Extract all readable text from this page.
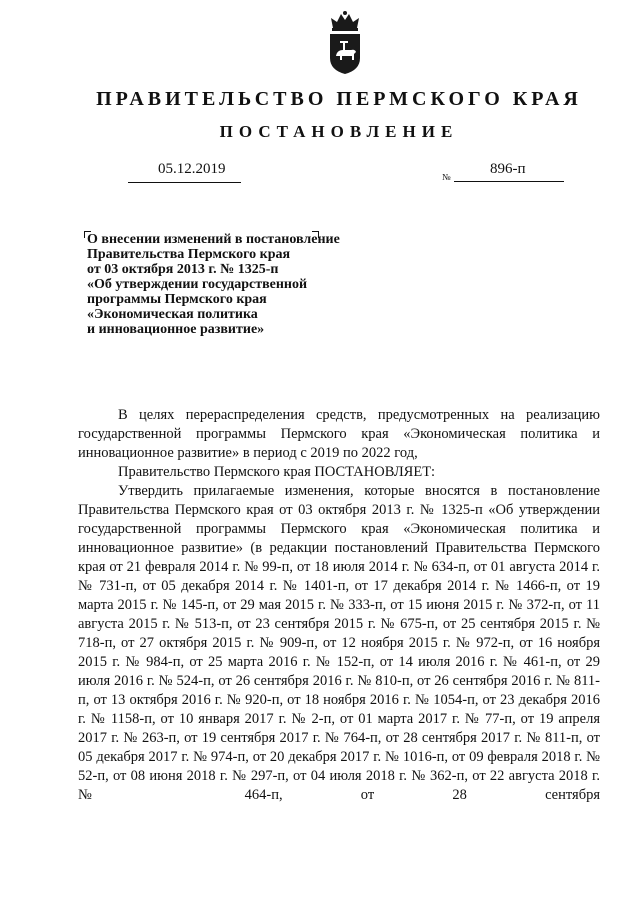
ПРАВИТЕЛЬСТВО ПЕРМСКОГО КРАЯ
ПОСТАНОВЛЕНИЕ
05.12.2019	№	896-п
О внесении изменений в постановление
Правительства Пермского края
от 03 октября 2013 г. № 1325-п
«Об утверждении государственной
программы Пермского края
«Экономическая политика
и инновационное развитие»

В целях перераспределения средств, предусмотренных на реализацию государственной программы Пермского края «Экономическая политика и инновационное развитие» в период с 2019 по 2022 год,

Правительство Пермского края ПОСТАНОВЛЯЕТ:

Утвердить прилагаемые изменения, которые вносятся в постановление Правительства Пермского края от 03 октября 2013 г. № 1325-п «Об утверждении государственной программы Пермского края «Экономическая политика и инновационное развитие» (в редакции постановлений Правительства Пермского края от 21 февраля 2014 г. № 99-п, от 18 июля 2014 г. № 634-п, от 01 августа 2014 г. № 731-п, от 05 декабря 2014 г. № 1401-п, от 17 декабря 2014 г. № 1466-п, от 19 марта 2015 г. № 145-п, от 29 мая 2015 г. № 333-п, от 15 июня 2015 г. № 372-п, от 11 августа 2015 г. № 513-п, от 23 сентября 2015 г. № 675-п, от 25 сентября 2015 г. № 718-п, от 27 октября 2015 г. № 909-п, от 12 ноября 2015 г. № 972-п, от 16 ноября 2015 г. № 984-п, от 25 марта 2016 г. № 152-п, от 14 июля 2016 г. № 461-п, от 29 июля 2016 г. № 524-п, от 26 сентября 2016 г. № 810-п, от 26 сентября 2016 г. № 811-п, от 13 октября 2016 г. № 920-п, от 18 ноября 2016 г. № 1054-п, от 23 декабря 2016 г. № 1158-п, от 10 января 2017 г. № 2-п, от 01 марта 2017 г. № 77-п, от 19 апреля 2017 г. № 263-п, от 19 сентября 2017 г. № 764-п, от 28 сентября 2017 г. № 811-п, от 05 декабря 2017 г. № 974-п, от 20 декабря 2017 г. № 1016-п, от 09 февраля 2018 г. № 52-п, от 08 июня 2018 г. № 297-п, от 04 июля 2018 г. № 362-п, от 22 августа 2018 г. № 464-п, от 28 сентября
